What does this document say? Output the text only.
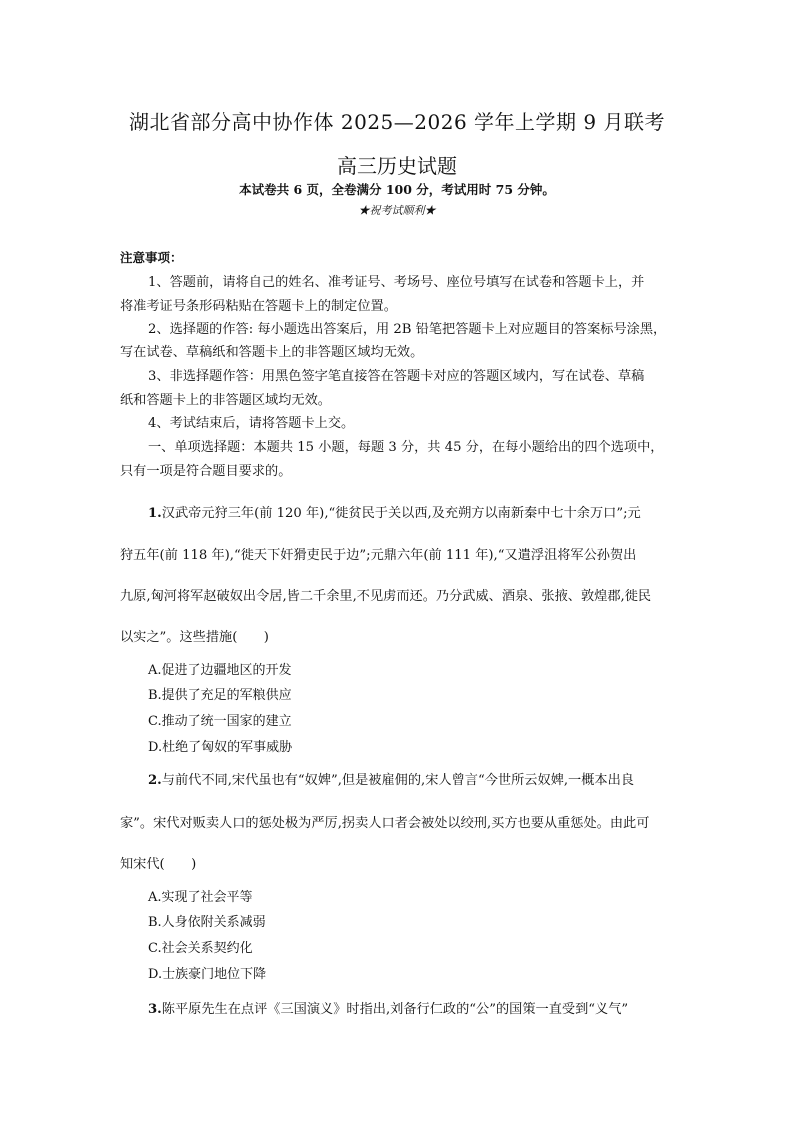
湖北省部分高中协作体 2025—2026 学年上学期 9 月联考
高三历史试题
本试卷共 6 页，全卷满分 100 分，考试用时 75 分钟。
★祝考试顺利★
注意事项：
1、答题前，请将自己的姓名、准考证号、考场号、座位号填写在试卷和答题卡上，并
将准考证号条形码粘贴在答题卡上的制定位置。
2、选择题的作答: 每小题选出答案后，用 2B 铅笔把答题卡上对应题目的答案标号涂黑，
写在试卷、草稿纸和答题卡上的非答题区域均无效。
3、非选择题作答：用黑色签字笔直接答在答题卡对应的答题区域内，写在试卷、草稿
纸和答题卡上的非答题区域均无效。
4、考试结束后，请将答题卡上交。
一、单项选择题：本题共 15 小题，每题 3 分，共 45 分，在每小题给出的四个选项中，
只有一项是符合题目要求的。
1.汉武帝元狩三年(前 120 年),“徙贫民于关以西,及充朔方以南新秦中七十余万口”;元
狩五年(前 118 年),“徙天下奸猾吏民于边”;元鼎六年(前 111 年),“又遣浮沮将军公孙贺出
九原,匈河将军赵破奴出令居,皆二千余里,不见虏而还。乃分武威、酒泉、张掖、敦煌郡,徙民
以实之”。这些措施(　　)
A.促进了边疆地区的开发
B.提供了充足的军粮供应
C.推动了统一国家的建立
D.杜绝了匈奴的军事威胁
2.与前代不同,宋代虽也有“奴婢”,但是被雇佣的,宋人曾言“今世所云奴婢,一概本出良
家”。宋代对贩卖人口的惩处极为严厉,拐卖人口者会被处以绞刑,买方也要从重惩处。由此可
知宋代(　　)
A.实现了社会平等
B.人身依附关系减弱
C.社会关系契约化
D.士族豪门地位下降
3.陈平原先生在点评《三国演义》时指出,刘备行仁政的“公”的国策一直受到“义气”
